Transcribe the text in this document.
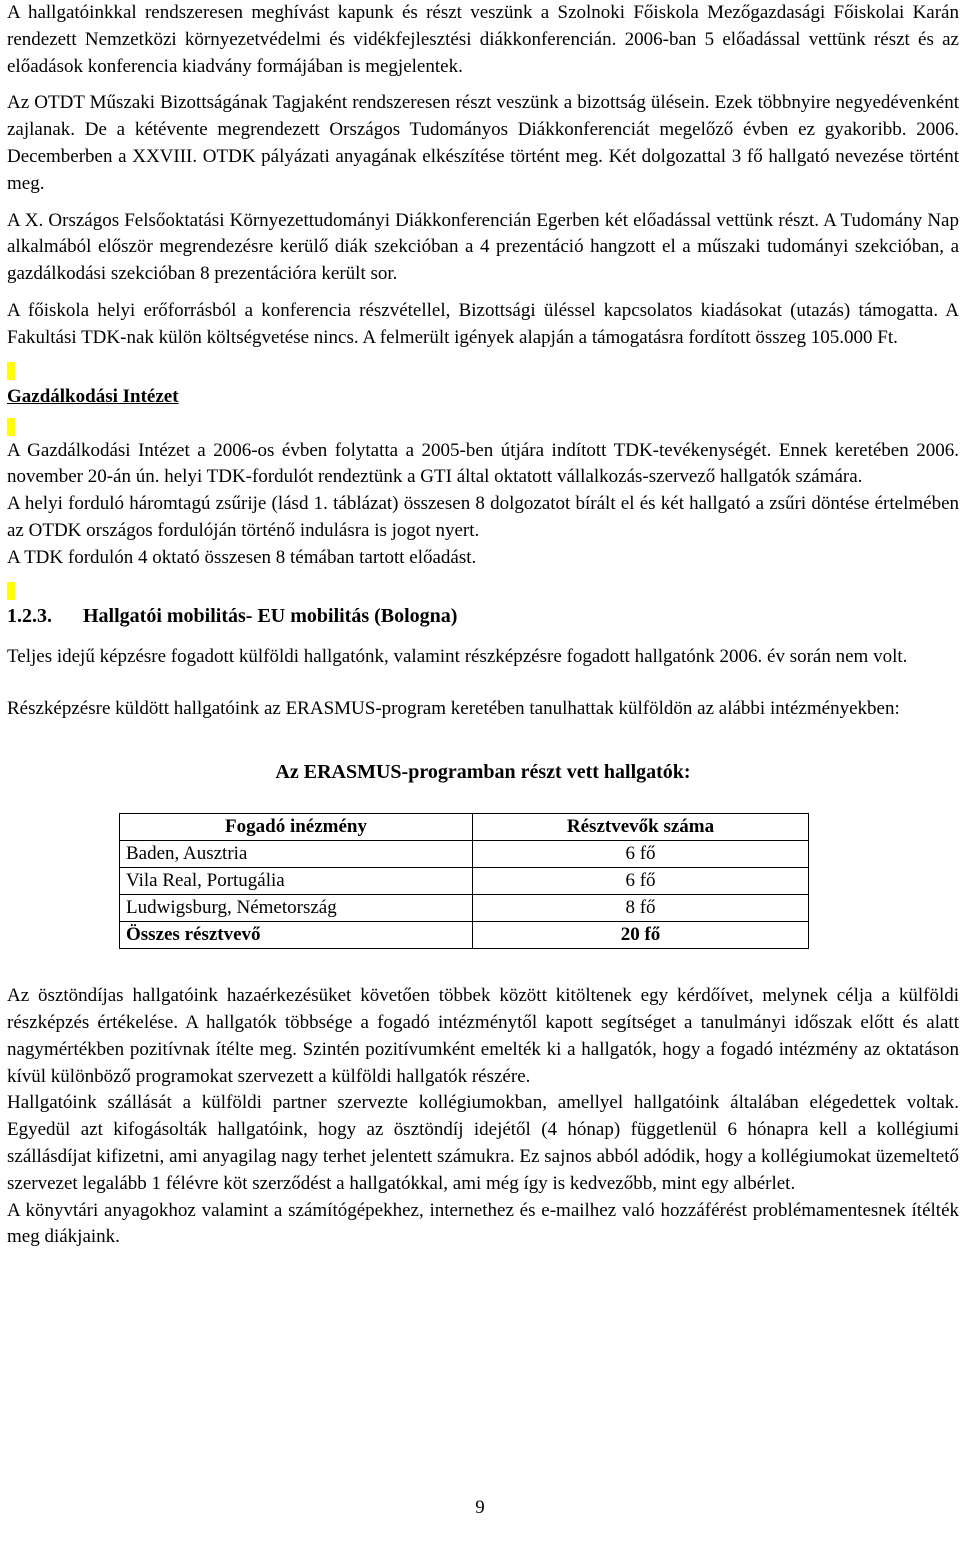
A hallgatóinkkal rendszeresen meghívást kapunk és részt veszünk a Szolnoki Főiskola Mezőgazdasági Főiskolai Karán rendezett Nemzetközi környezetvédelmi és vidékfejlesztési diákkonferencián. 2006-ban 5 előadással vettünk részt és az előadások konferencia kiadvány formájában is megjelentek.

Az OTDT Műszaki Bizottságának Tagjaként rendszeresen részt veszünk a bizottság ülésein. Ezek többnyire negyedévenként zajlanak. De a kétévente megrendezett Országos Tudományos Diákkonferenciát megelőző évben ez gyakoribb. 2006. Decemberben a XXVIII. OTDK pályázati anyagának elkészítése történt meg. Két dolgozattal 3 fő hallgató nevezése történt meg.

A X. Országos Felsőoktatási Környezettudományi Diákkonferencián Egerben két előadással vettünk részt. A Tudomány Nap alkalmából először megrendezésre kerülő diák szekcióban a 4 prezentáció hangzott el a műszaki tudományi szekcióban, a gazdálkodási szekcióban 8 prezentációra került sor.

A főiskola helyi erőforrásból a konferencia részvétellel, Bizottsági üléssel kapcsolatos kiadásokat (utazás) támogatta. A Fakultási TDK-nak külön költségvetése nincs. A felmerült igények alapján a támogatásra fordított összeg 105.000 Ft.

Gazdálkodási Intézet

A Gazdálkodási Intézet a 2006-os évben folytatta a 2005-ben útjára indított TDK-tevékenységét. Ennek keretében 2006. november 20-án ún. helyi TDK-fordulót rendeztünk a GTI által oktatott vállalkozás-szervező hallgatók számára.

A helyi forduló háromtagú zsűrije (lásd 1. táblázat) összesen 8 dolgozatot bírált el és két hallgató a zsűri döntése értelmében az OTDK országos fordulóján történő indulásra is jogot nyert.

A TDK fordulón 4 oktató összesen 8 témában tartott előadást.

1.2.3. Hallgatói mobilitás- EU mobilitás (Bologna)

Teljes idejű képzésre fogadott külföldi hallgatónk, valamint részképzésre fogadott hallgatónk 2006. év során nem volt.

Részképzésre küldött hallgatóink az ERASMUS-program keretében tanulhattak külföldön az alábbi intézményekben:

Az ERASMUS-programban részt vett hallgatók:

Fogadó inézmény	Résztvevők száma
Baden, Ausztria	6 fő
Vila Real, Portugália	6 fő
Ludwigsburg, Németország	8 fő
Összes résztvevő	20 fő

Az ösztöndíjas hallgatóink hazaérkezésüket követően többek között kitöltenek egy kérdőívet, melynek célja a külföldi részképzés értékelése. A hallgatók többsége a fogadó intézménytől kapott segítséget a tanulmányi időszak előtt és alatt nagymértékben pozitívnak ítélte meg. Szintén pozitívumként emelték ki a hallgatók, hogy a fogadó intézmény az oktatáson kívül különböző programokat szervezett a külföldi hallgatók részére.

Hallgatóink szállását a külföldi partner szervezte kollégiumokban, amellyel hallgatóink általában elégedettek voltak. Egyedül azt kifogásolták hallgatóink, hogy az ösztöndíj idejétől (4 hónap) függetlenül 6 hónapra kell a kollégiumi szállásdíjat kifizetni, ami anyagilag nagy terhet jelentett számukra. Ez sajnos abból adódik, hogy a kollégiumokat üzemeltető szervezet legalább 1 félévre köt szerződést a hallgatókkal, ami még így is kedvezőbb, mint egy albérlet.

A könyvtári anyagokhoz valamint a számítógépekhez, internethez és e-mailhez való hozzáférést problémamentesnek ítélték meg diákjaink.

9
